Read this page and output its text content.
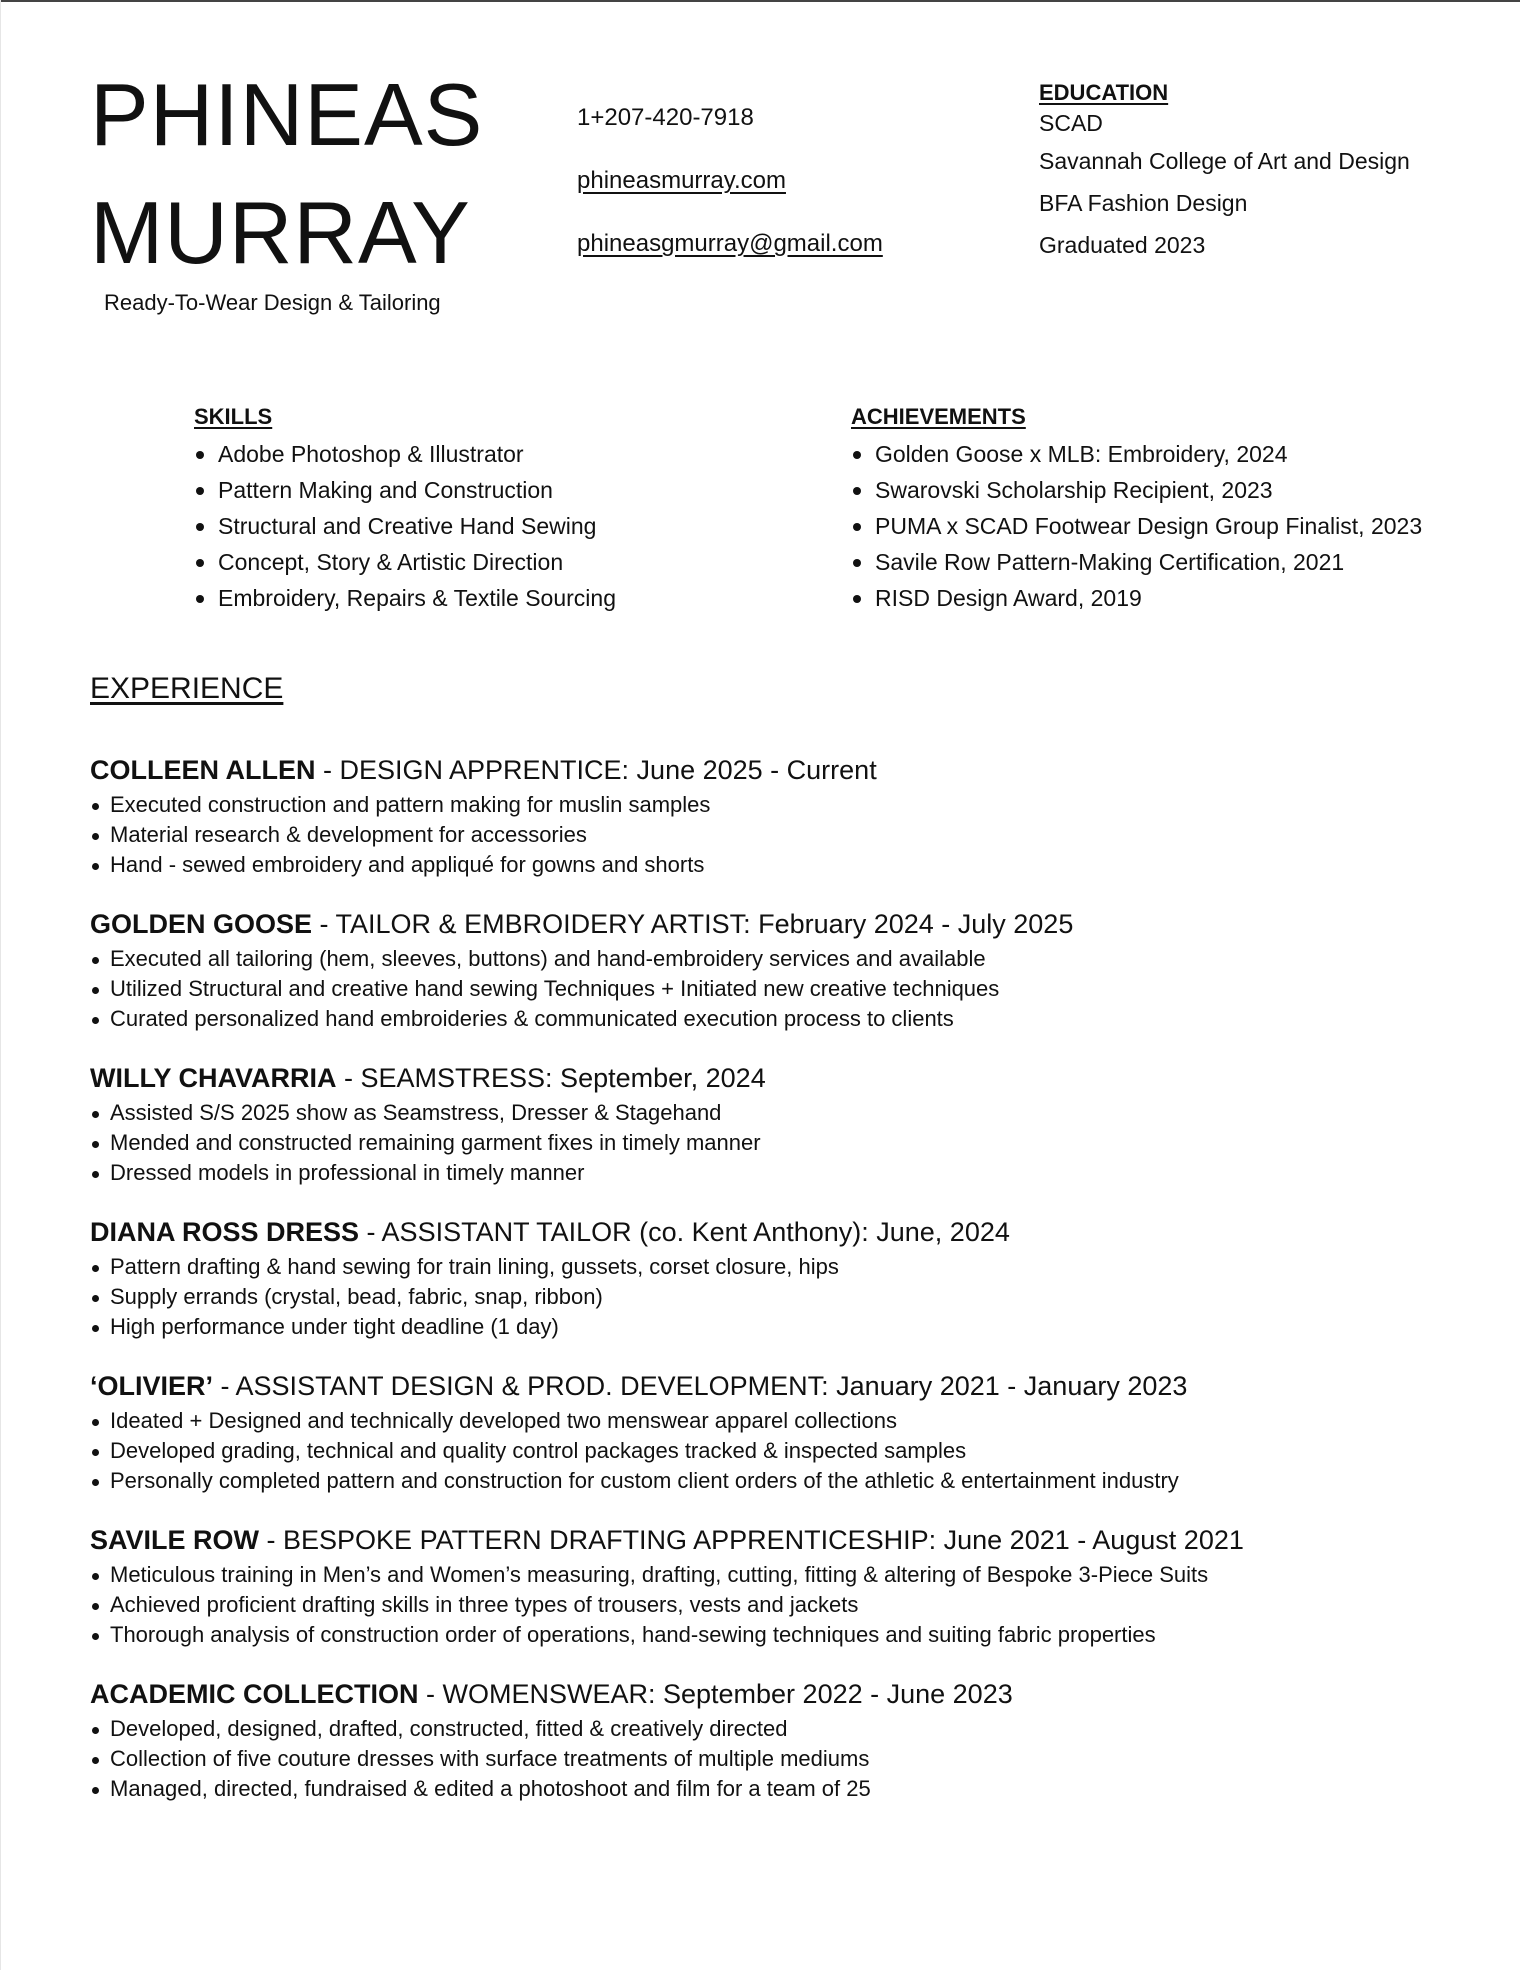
PHINEAS
MURRAY
Ready-To-Wear Design & Tailoring
1+207-420-7918
phineasmurray.com
phineasgmurray@gmail.com
EDUCATION
SCAD
Savannah College of Art and Design
BFA Fashion Design
Graduated 2023
SKILLS
Adobe Photoshop & Illustrator
Pattern Making and Construction
Structural and Creative Hand Sewing
Concept, Story & Artistic Direction
Embroidery, Repairs & Textile Sourcing
ACHIEVEMENTS
Golden Goose x MLB: Embroidery, 2024
Swarovski Scholarship Recipient, 2023
PUMA x SCAD Footwear Design Group Finalist, 2023
Savile Row Pattern-Making Certification, 2021
RISD Design Award, 2019
EXPERIENCE
COLLEEN ALLEN - DESIGN APPRENTICE: June 2025 - Current
Executed construction and pattern making for muslin samples
Material research & development for accessories
Hand - sewed embroidery and appliqué for gowns and shorts
GOLDEN GOOSE - TAILOR & EMBROIDERY ARTIST: February 2024 - July 2025
Executed all tailoring (hem, sleeves, buttons) and hand-embroidery services and available
Utilized Structural and creative hand sewing Techniques + Initiated new creative techniques
Curated personalized hand embroideries & communicated execution process to clients
WILLY CHAVARRIA - SEAMSTRESS: September, 2024
Assisted S/S 2025 show as Seamstress, Dresser & Stagehand
Mended and constructed remaining garment fixes in timely manner
Dressed models in professional in timely manner
DIANA ROSS DRESS - ASSISTANT TAILOR (co. Kent Anthony): June, 2024
Pattern drafting & hand sewing for train lining, gussets, corset closure, hips
Supply errands (crystal, bead, fabric, snap, ribbon)
High performance under tight deadline (1 day)
‘OLIVIER’ - ASSISTANT DESIGN & PROD. DEVELOPMENT: January 2021 - January 2023
Ideated + Designed and technically developed two menswear apparel collections
Developed grading, technical and quality control packages tracked & inspected samples
Personally completed pattern and construction for custom client orders of the athletic & entertainment industry
SAVILE ROW - BESPOKE PATTERN DRAFTING APPRENTICESHIP: June 2021 - August 2021
Meticulous training in Men’s and Women’s measuring, drafting, cutting, fitting & altering of Bespoke 3-Piece Suits
Achieved proficient drafting skills in three types of trousers, vests and jackets
Thorough analysis of construction order of operations, hand-sewing techniques and suiting fabric properties
ACADEMIC COLLECTION - WOMENSWEAR: September 2022 - June 2023
Developed, designed, drafted, constructed, fitted & creatively directed
Collection of five couture dresses with surface treatments of multiple mediums
Managed, directed, fundraised & edited a photoshoot and film for a team of 25
